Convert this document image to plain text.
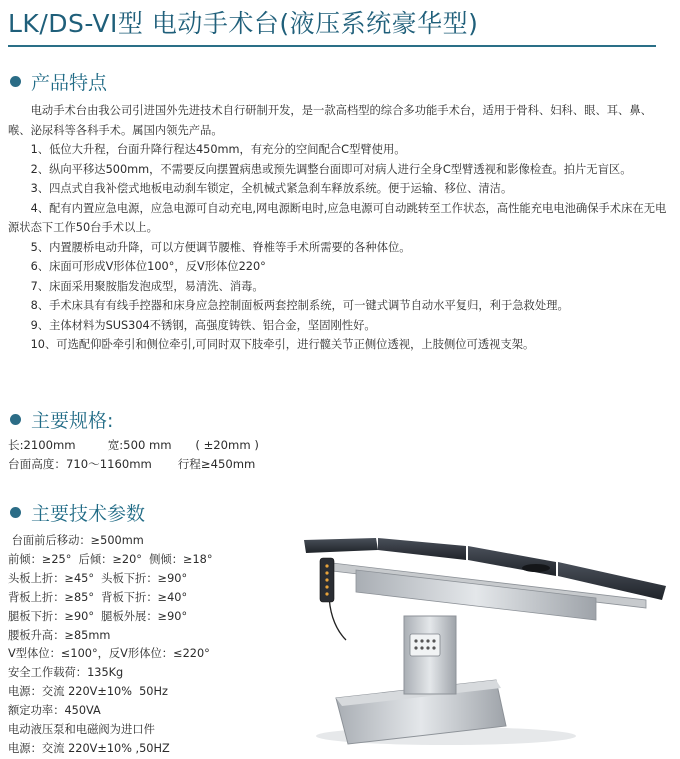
LK/DS-VI型 电动手术台(液压系统豪华型)
产品特点

电动手术台由我公司引进国外先进技术自行研制开发，是一款高档型的综合多功能手术台，适用于骨科、妇科、眼、耳、鼻、喉、泌尿科等各科手术。属国内领先产品。

1、低位大升程，台面升降行程达450mm，有充分的空间配合C型臂使用。
2、纵向平移达500mm，不需要反向摆置病患或预先调整台面即可对病人进行全身C型臂透视和影像检查。拍片无盲区。
3、四点式自我补偿式地板电动刹车锁定，全机械式紧急刹车释放系统。便于运输、移位、清洁。
4、配有内置应急电源，应急电源可自动充电,网电源断电时,应急电源可自动跳转至工作状态，高性能充电电池确保手术床在无电源状态下工作50台手术以上。
5、内置腰桥电动升降，可以方便调节腰椎、脊椎等手术所需要的各种体位。
6、床面可形成V形体位100°，反V形体位220°
7、床面采用聚胺脂发泡成型，易清洗、消毒。
8、手术床具有有线手控器和床身应急控制面板两套控制系统，可一键式调节自动水平复归，利于急救处理。
9、主体材料为SUS304不锈钢，高强度铸铁、铝合金，坚固刚性好。
10、可选配仰卧牵引和侧位牵引,可同时双下肢牵引，进行髋关节正侧位透视，上肢侧位可透视支架。
主要规格:
长:2100mm	宽:500 mm ( ±20mm )
台面高度：710～1160mm 行程≥450mm
主要技术参数
台面前后移动：≥500mm
前倾：≥25°  后倾：≥20°  侧倾：≥18°
头板上折：≥45°  头板下折：≥90°
背板上折：≥85°  背板下折：≥40°
腿板下折：≥90°  腿板外展：≥90°
腰板升高：≥85mm
V型体位：≤100°，反V形体位：≤220°
安全工作载荷：135Kg
电源：交流 220V±10%  50Hz
额定功率：450VA
电动液压泵和电磁阀为进口件
电源：交流 220V±10% ,50HZ
